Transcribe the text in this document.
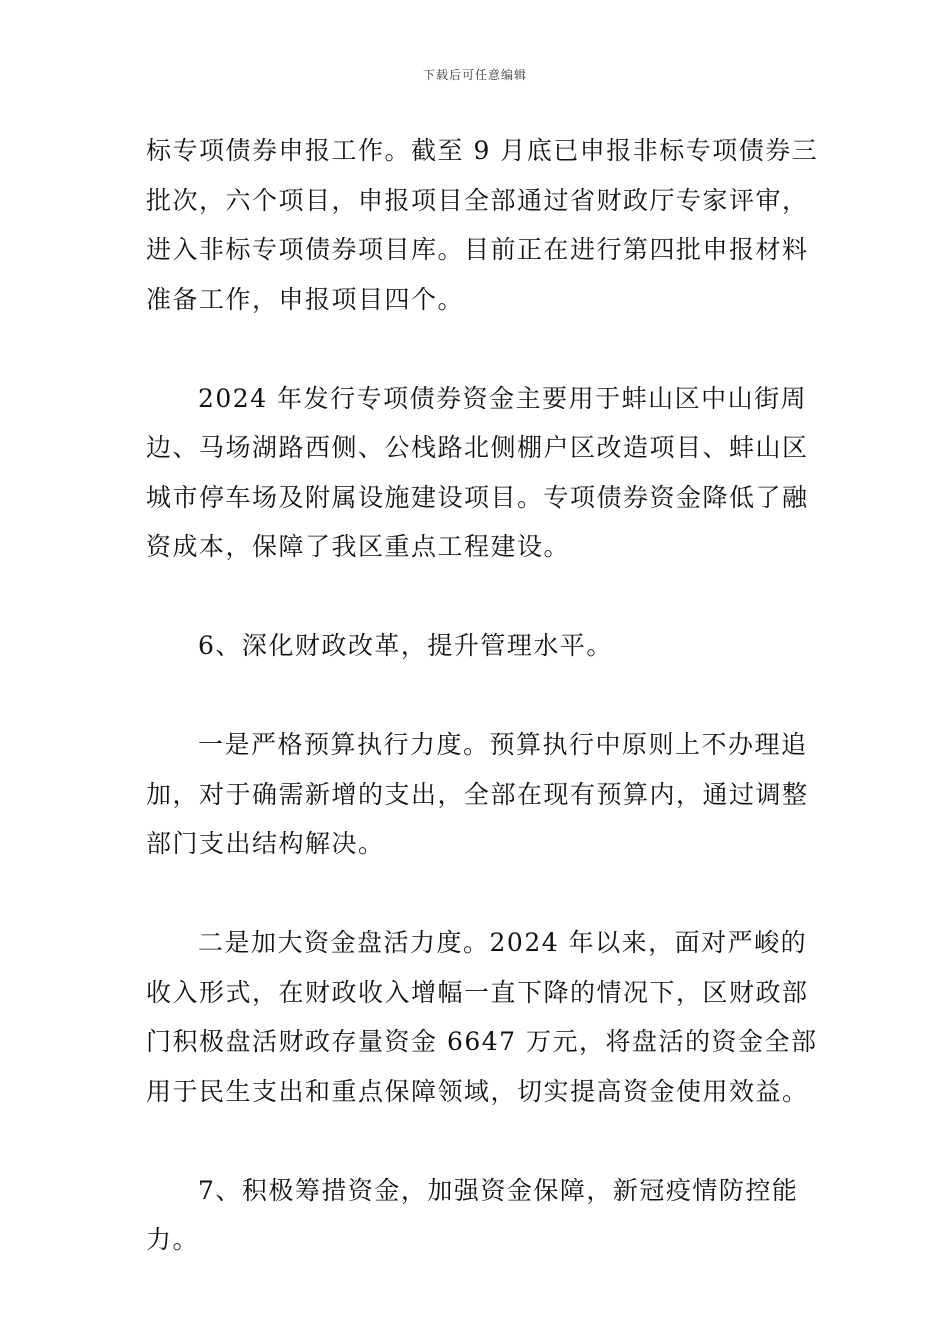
下载后可任意编辑

标专项债券申报工作。截至 9 月底已申报非标专项债券三批次，六个项目，申报项目全部通过省财政厅专家评审，进入非标专项债券项目库。目前正在进行第四批申报材料准备工作，申报项目四个。

2024 年发行专项债券资金主要用于蚌山区中山街周边、马场湖路西侧、公栈路北侧棚户区改造项目、蚌山区城市停车场及附属设施建设项目。专项债券资金降低了融资成本，保障了我区重点工程建设。

6、深化财政改革，提升管理水平。

一是严格预算执行力度。预算执行中原则上不办理追加，对于确需新增的支出，全部在现有预算内，通过调整部门支出结构解决。

二是加大资金盘活力度。2024 年以来，面对严峻的收入形式，在财政收入增幅一直下降的情况下，区财政部门积极盘活财政存量资金 6647 万元，将盘活的资金全部用于民生支出和重点保障领域，切实提高资金使用效益。

7、积极筹措资金，加强资金保障，新冠疫情防控能力。
